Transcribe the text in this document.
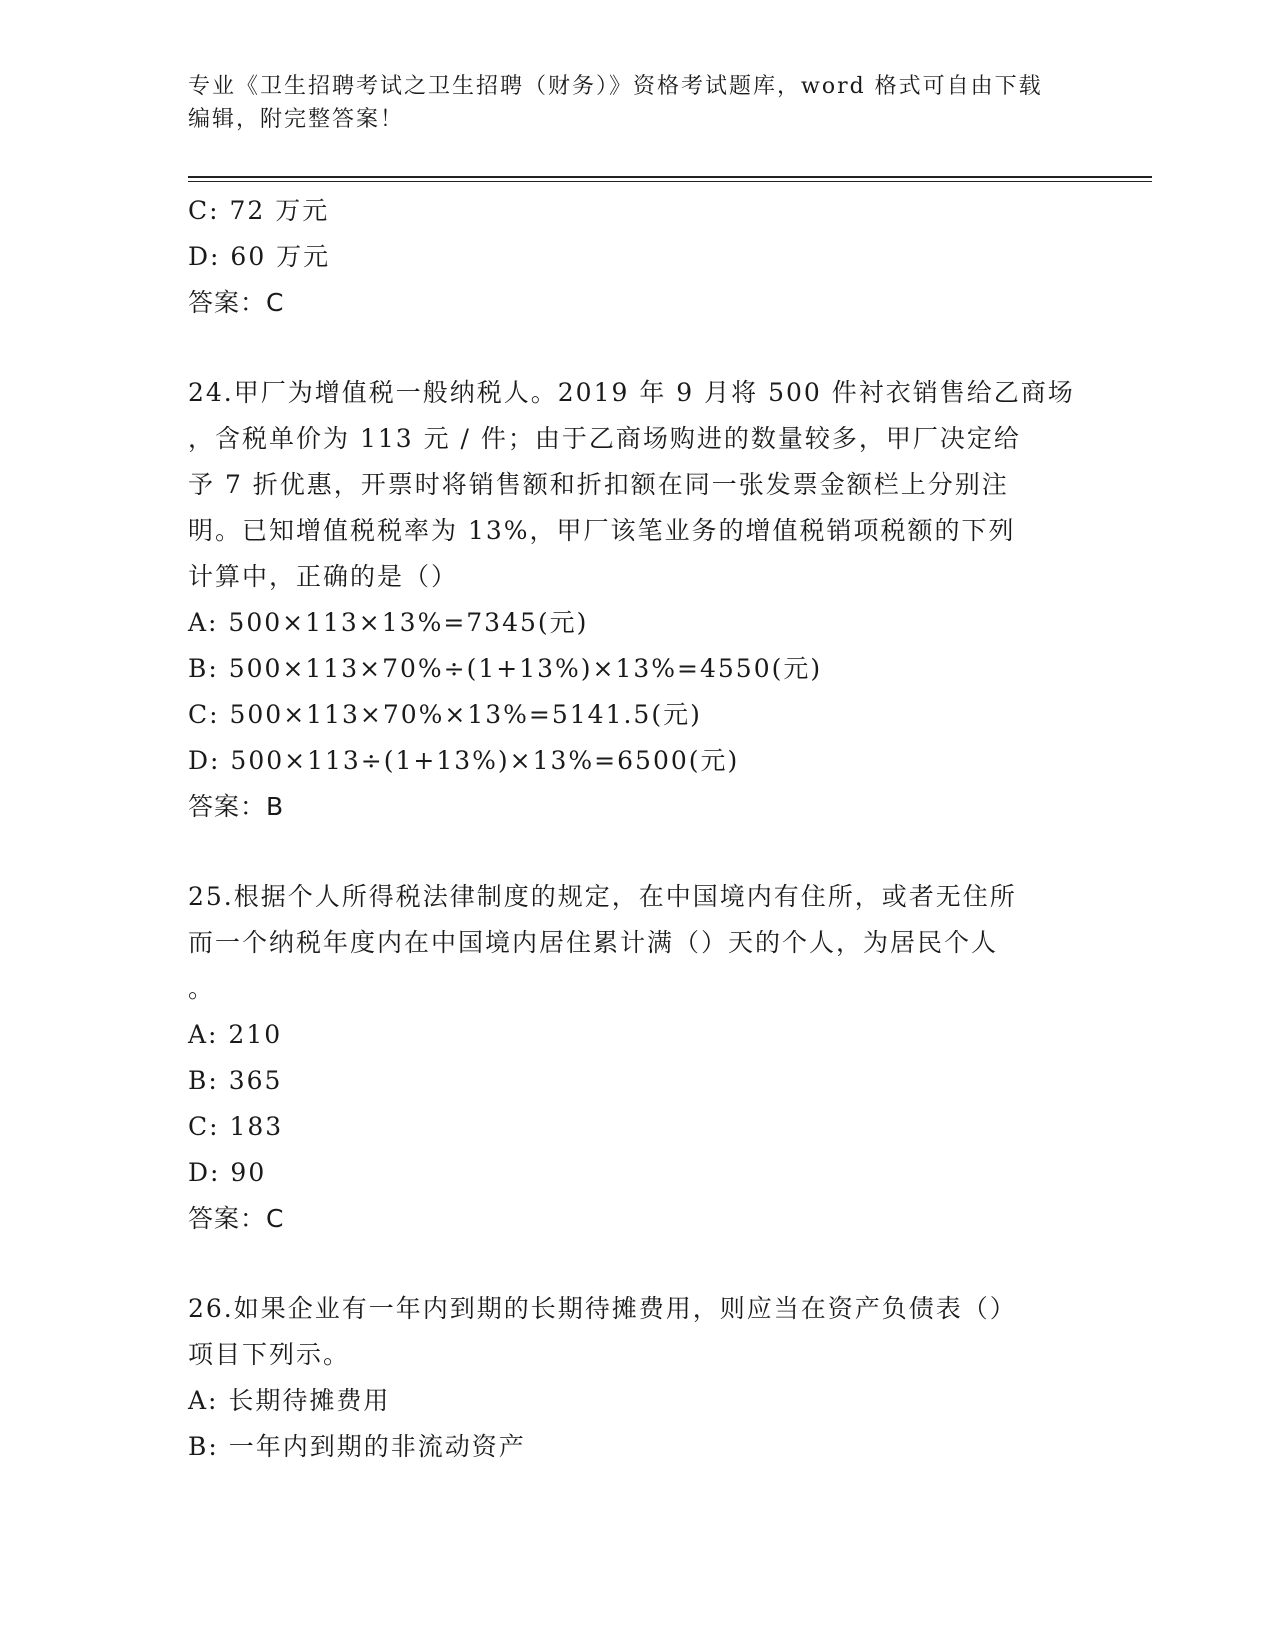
专业《卫生招聘考试之卫生招聘（财务）》资格考试题库，word 格式可自由下载
编辑，附完整答案！
C: 72 万元
D: 60 万元
答案：C
24.甲厂为增值税一般纳税人。2019 年 9 月将 500 件衬衣销售给乙商场
，含税单价为 113 元 / 件；由于乙商场购进的数量较多，甲厂决定给
予 7 折优惠，开票时将销售额和折扣额在同一张发票金额栏上分别注
明。已知增值税税率为 13%，甲厂该笔业务的增值税销项税额的下列
计算中，正确的是（）
A: 500×113×13%=7345(元)
B: 500×113×70%÷(1+13%)×13%=4550(元)
C: 500×113×70%×13%=5141.5(元)
D: 500×113÷(1+13%)×13%=6500(元)
答案：B
25.根据个人所得税法律制度的规定，在中国境内有住所，或者无住所
而一个纳税年度内在中国境内居住累计满（）天的个人，为居民个人
。
A: 210
B: 365
C: 183
D: 90
答案：C
26.如果企业有一年内到期的长期待摊费用，则应当在资产负债表（）
项目下列示。
A: 长期待摊费用
B: 一年内到期的非流动资产
